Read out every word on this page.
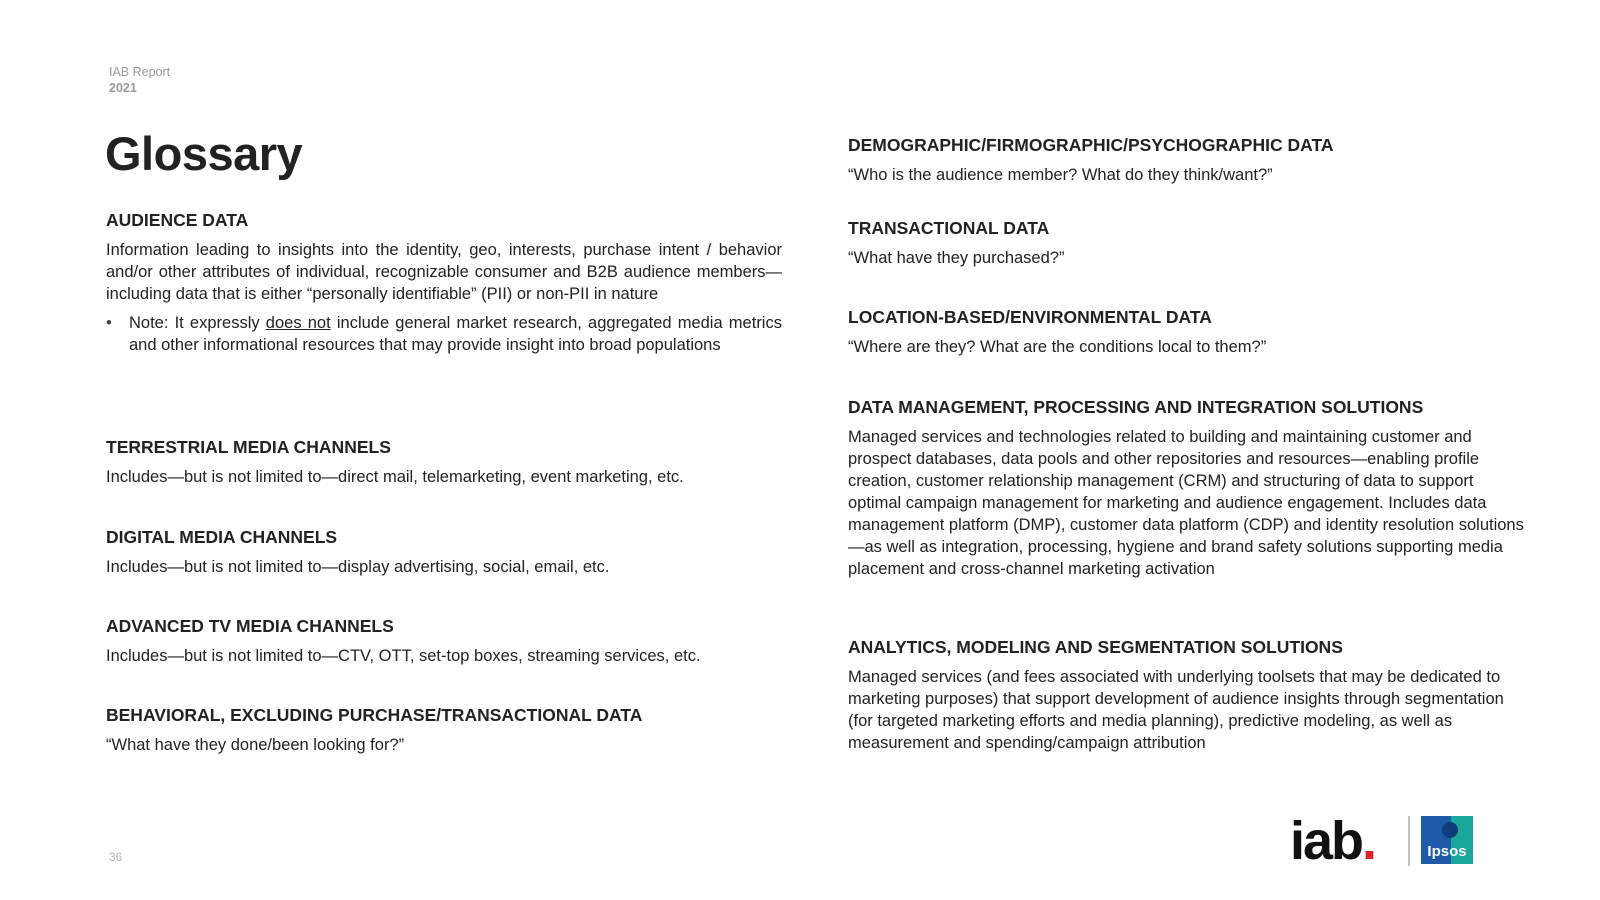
IAB Report
2021
Glossary
AUDIENCE DATA

Information leading to insights into the identity, geo, interests, purchase intent / behavior and/or other attributes of individual, recognizable consumer and B2B audience members—including data that is either “personally identifiable” (PII) or non-PII in nature

•	Note: It expressly does not include general market research, aggregated media metrics and other informational resources that may provide insight into broad populations
TERRESTRIAL MEDIA CHANNELS

Includes—but is not limited to—direct mail, telemarketing, event marketing, etc.

DIGITAL MEDIA CHANNELS

Includes—but is not limited to—display advertising, social, email, etc.

ADVANCED TV MEDIA CHANNELS

Includes—but is not limited to—CTV, OTT, set-top boxes, streaming services, etc.

BEHAVIORAL, EXCLUDING PURCHASE/TRANSACTIONAL DATA

“What have they done/been looking for?”

DEMOGRAPHIC/FIRMOGRAPHIC/PSYCHOGRAPHIC DATA

“Who is the audience member? What do they think/want?”

TRANSACTIONAL DATA

“What have they purchased?”

LOCATION-BASED/ENVIRONMENTAL DATA

“Where are they? What are the conditions local to them?”

DATA MANAGEMENT, PROCESSING AND INTEGRATION SOLUTIONS

Managed services and technologies related to building and maintaining customer and prospect databases, data pools and other repositories and resources—enabling profile creation, customer relationship management (CRM) and structuring of data to support optimal campaign management for marketing and audience engagement. Includes data management platform (DMP), customer data platform (CDP) and identity resolution solutions—as well as integration, processing, hygiene and brand safety solutions supporting media placement and cross-channel marketing activation

ANALYTICS, MODELING AND SEGMENTATION SOLUTIONS

Managed services (and fees associated with underlying toolsets that may be dedicated to marketing purposes) that support development of audience insights through segmentation (for targeted marketing efforts and media planning), predictive modeling, as well as measurement and spending/campaign attribution

36	iab.	Ipsos
